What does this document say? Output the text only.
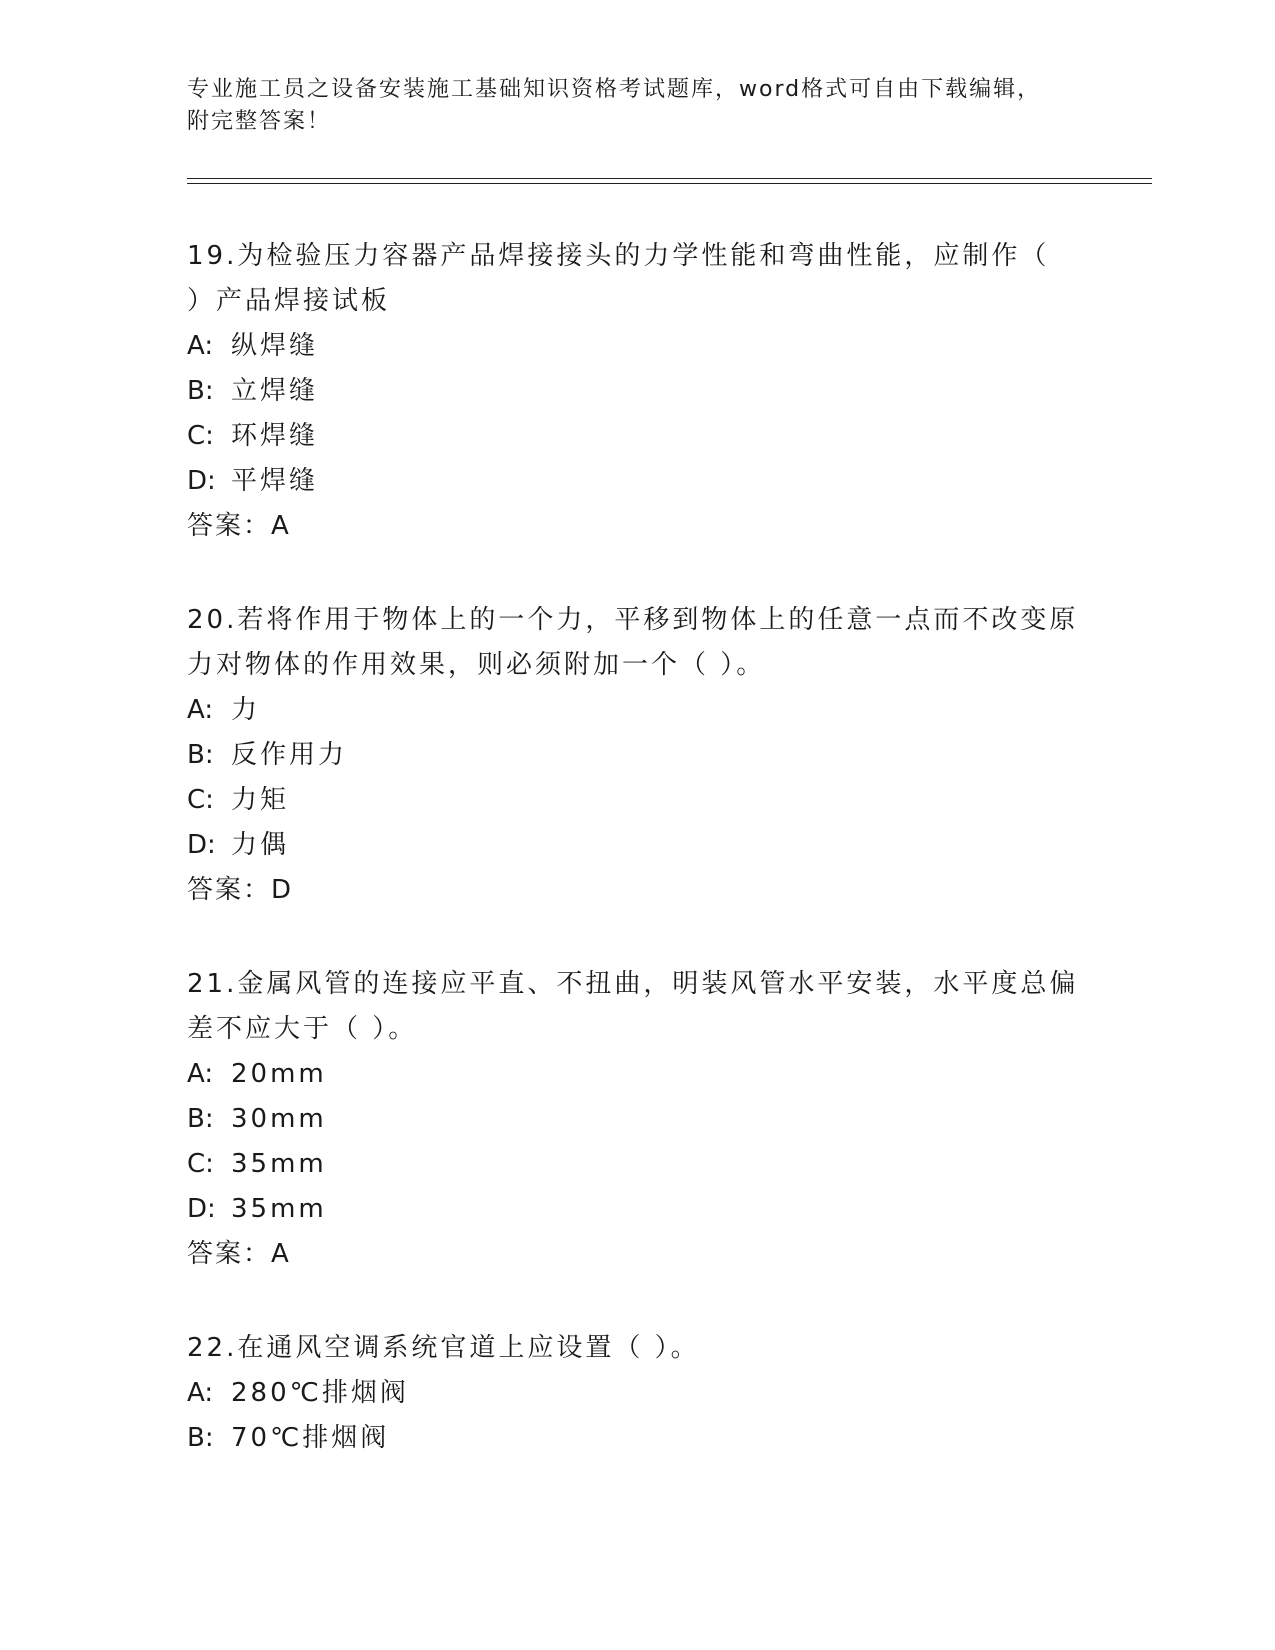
专业施工员之设备安装施工基础知识资格考试题库，word格式可自由下载编辑，
附完整答案！

19.为检验压力容器产品焊接接头的力学性能和弯曲性能，应制作（

）产品焊接试板

A: 纵焊缝

B: 立焊缝

C: 环焊缝

D: 平焊缝

答案：A

20.若将作用于物体上的一个力，平移到物体上的任意一点而不改变原

力对物体的作用效果，则必须附加一个（ ）。

A: 力

B: 反作用力

C: 力矩

D: 力偶

答案：D

21.金属风管的连接应平直、不扭曲，明装风管水平安装，水平度总偏

差不应大于（ ）。

A: 20mm

B: 30mm

C: 35mm

D: 35mm

答案：A

22.在通风空调系统官道上应设置（ ）。

A: 280℃排烟阀

B: 70℃排烟阀
